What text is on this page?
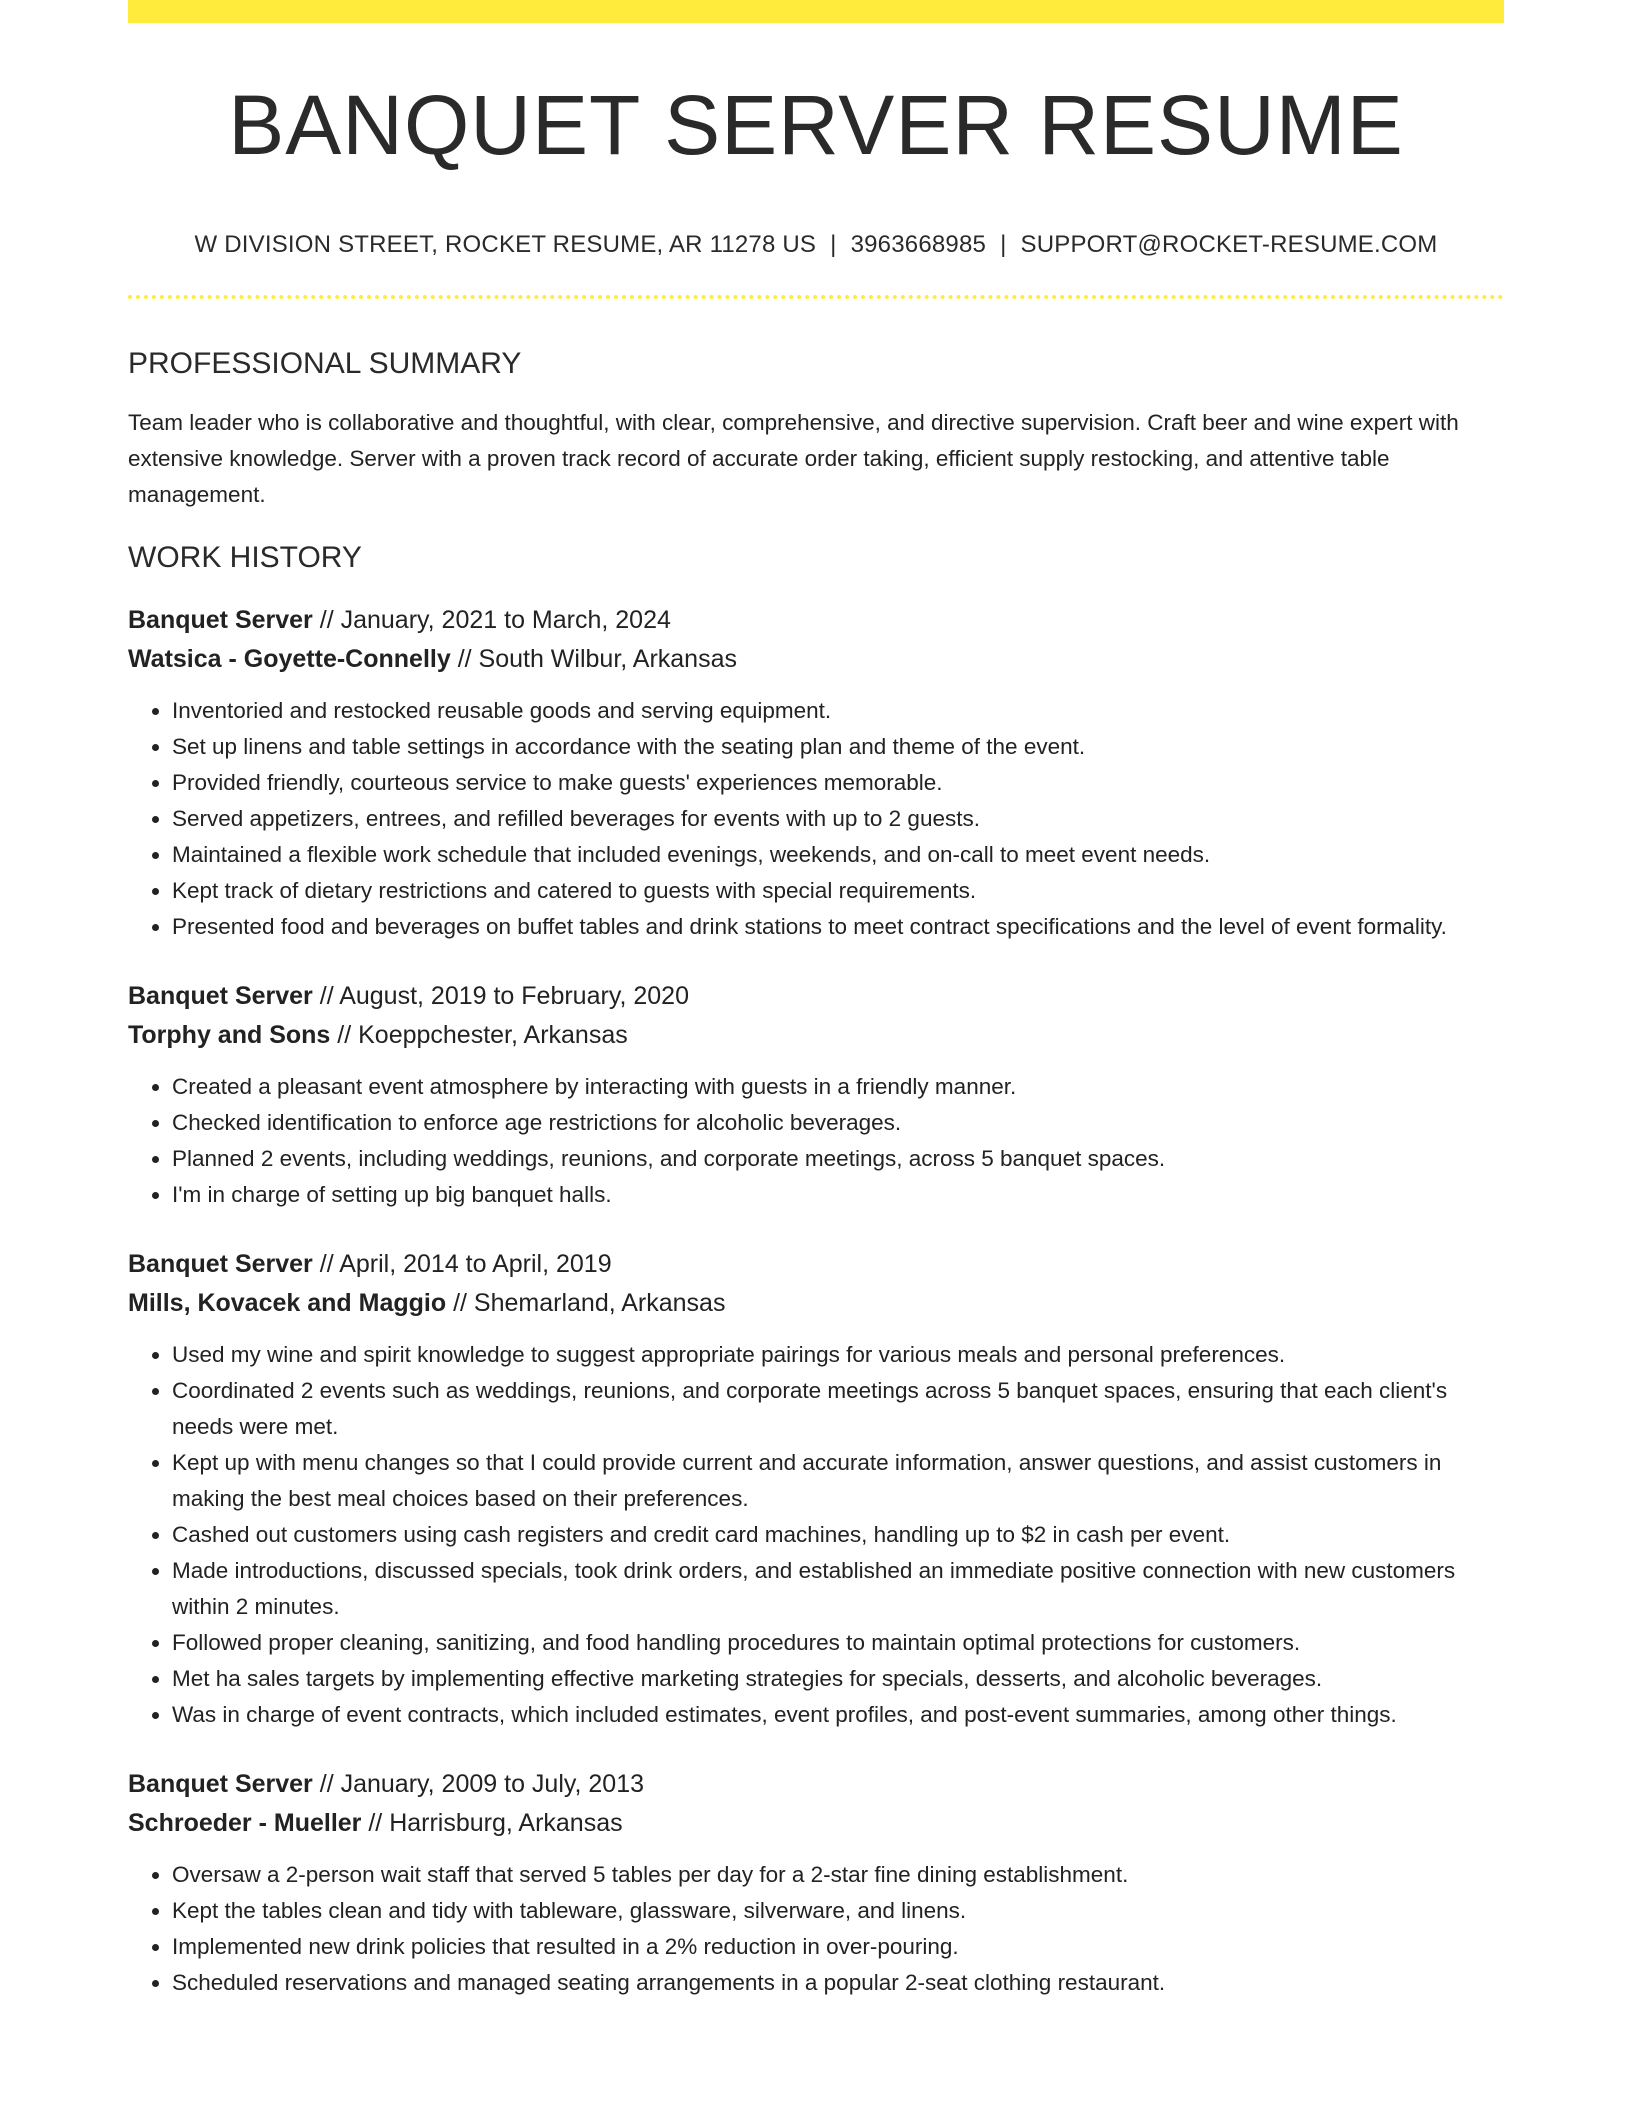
BANQUET SERVER RESUME
W DIVISION STREET, ROCKET RESUME, AR 11278 US | 3963668985 | SUPPORT@ROCKET-RESUME.COM
PROFESSIONAL SUMMARY

Team leader who is collaborative and thoughtful, with clear, comprehensive, and directive supervision. Craft beer and wine expert with extensive knowledge. Server with a proven track record of accurate order taking, efficient supply restocking, and attentive table management.

WORK HISTORY
Banquet Server // January, 2021 to March, 2024
Watsica - Goyette-Connelly // South Wilbur, Arkansas
• Inventoried and restocked reusable goods and serving equipment.
• Set up linens and table settings in accordance with the seating plan and theme of the event.
• Provided friendly, courteous service to make guests' experiences memorable.
• Served appetizers, entrees, and refilled beverages for events with up to 2 guests.
• Maintained a flexible work schedule that included evenings, weekends, and on-call to meet event needs.
• Kept track of dietary restrictions and catered to guests with special requirements.
• Presented food and beverages on buffet tables and drink stations to meet contract specifications and the level of event formality.
Banquet Server // August, 2019 to February, 2020
Torphy and Sons // Koeppchester, Arkansas
• Created a pleasant event atmosphere by interacting with guests in a friendly manner.
• Checked identification to enforce age restrictions for alcoholic beverages.
• Planned 2 events, including weddings, reunions, and corporate meetings, across 5 banquet spaces.
• I'm in charge of setting up big banquet halls.
Banquet Server // April, 2014 to April, 2019
Mills, Kovacek and Maggio // Shemarland, Arkansas
• Used my wine and spirit knowledge to suggest appropriate pairings for various meals and personal preferences.
• Coordinated 2 events such as weddings, reunions, and corporate meetings across 5 banquet spaces, ensuring that each client's needs were met.
• Kept up with menu changes so that I could provide current and accurate information, answer questions, and assist customers in making the best meal choices based on their preferences.
• Cashed out customers using cash registers and credit card machines, handling up to $2 in cash per event.
• Made introductions, discussed specials, took drink orders, and established an immediate positive connection with new customers within 2 minutes.
• Followed proper cleaning, sanitizing, and food handling procedures to maintain optimal protections for customers.
• Met ha sales targets by implementing effective marketing strategies for specials, desserts, and alcoholic beverages.
• Was in charge of event contracts, which included estimates, event profiles, and post-event summaries, among other things.
Banquet Server // January, 2009 to July, 2013
Schroeder - Mueller // Harrisburg, Arkansas
• Oversaw a 2-person wait staff that served 5 tables per day for a 2-star fine dining establishment.
• Kept the tables clean and tidy with tableware, glassware, silverware, and linens.
• Implemented new drink policies that resulted in a 2% reduction in over-pouring.
• Scheduled reservations and managed seating arrangements in a popular 2-seat clothing restaurant.
